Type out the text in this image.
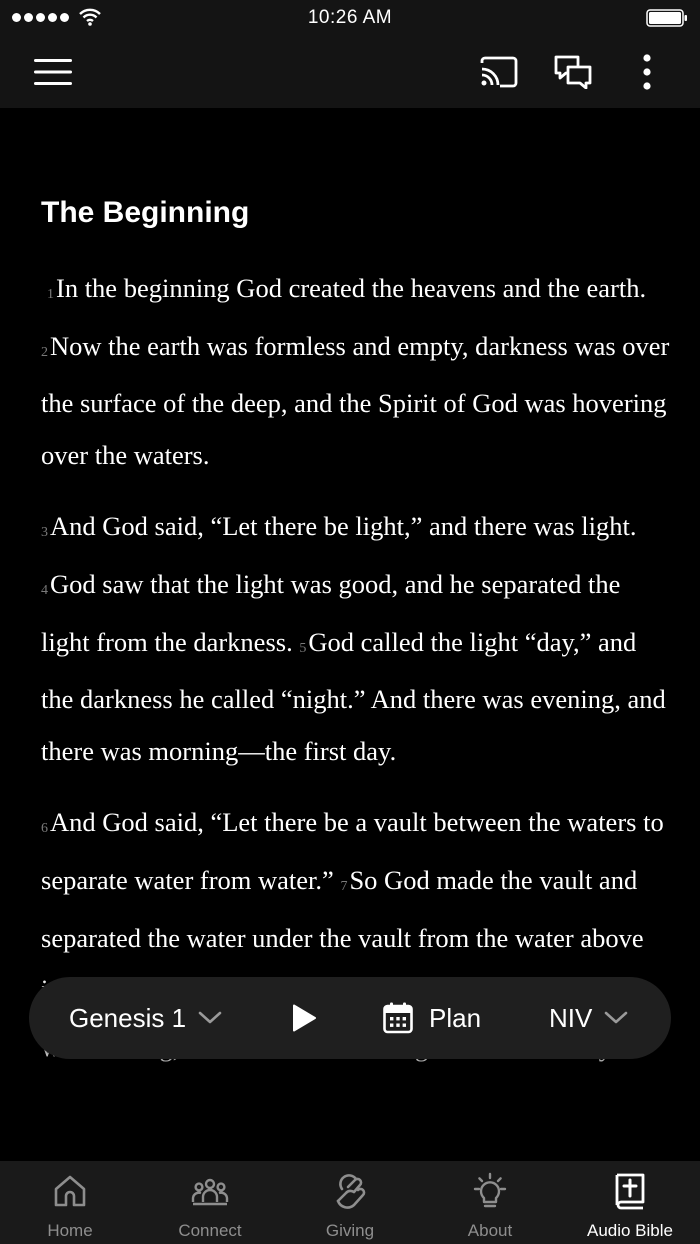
10:26 AM
The Beginning

1In the beginning God created the heavens and the earth. 2Now the earth was formless and empty, darkness was over the surface of the deep, and the Spirit of God was hovering over the waters.

3And God said, “Let there be light,” and there was light. 4God saw that the light was good, and he separated the light from the darkness. 5God called the light “day,” and the darkness he called “night.” And there was evening, and there was morning—the first day.

6And God said, “Let there be a vault between the waters to separate water from water.” 7So God made the vault and separated the water under the vault from the water above

Genesis 1	Plan	NIV
Home	Connect	Giving	About	Audio Bible
